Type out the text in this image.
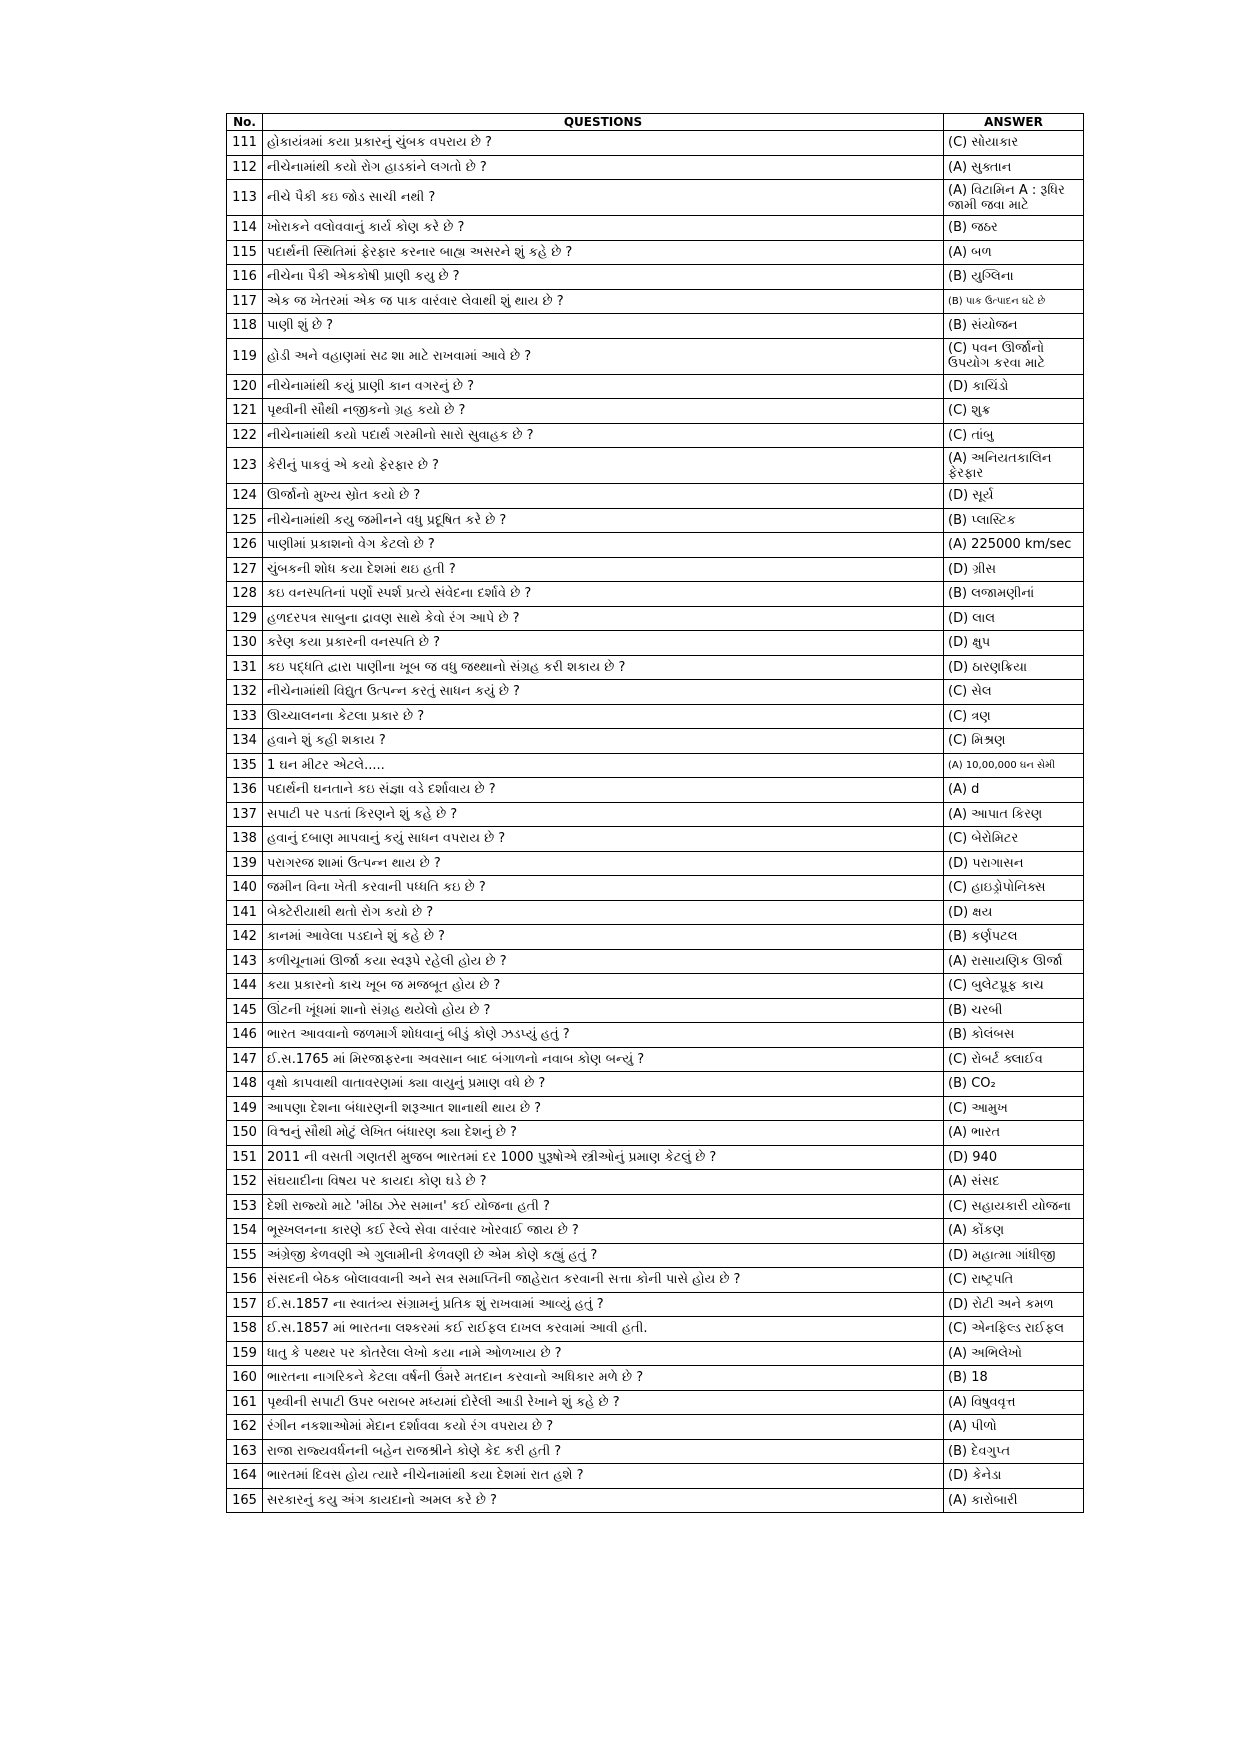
No.	QUESTIONS	ANSWER
111	હોકાયંત્રમાં કયા પ્રકારનું ચુંબક વપરાય છે ?	(C) સોયાકાર
112	નીચેનામાંથી કયો રોગ હાડકાંને લગતો છે ?	(A) સુક્તાન
113	નીચે પૈકી કઇ જોડ સાચી નથી ?	(A) વિટામિન A : રૂધિર જામી જવા માટે
114	ખોરાકને વલોવવાનું કાર્ય કોણ કરે છે ?	(B) જઠર
115	પદાર્થની સ્થિતિમાં ફેરફાર કરનાર બાહ્ય અસરને શું કહે છે ?	(A) બળ
116	નીચેના પૈકી એકકોષી પ્રાણી કયુ છે ?	(B) યુગ્લિના
117	એક જ ખેતરમાં એક જ પાક વારંવાર લેવાથી શું થાય છે ?	(B) પાક ઉત્પાદન ઘટે છે
118	પાણી શું છે ?	(B) સંયોજન
119	હોડી અને વહાણમાં સઢ શા માટે રાખવામાં આવે છે ?	(C) પવન ઊર્જાનો ઉપયોગ કરવા માટે
120	નીચેનામાંથી કયું પ્રાણી કાન વગરનું છે ?	(D) કાચિંડો
121	પૃથ્વીની સૌથી નજીકનો ગ્રહ કયો છે ?	(C) શુક્ર
122	નીચેનામાંથી કયો પદાર્થ ગરમીનો સારો સુવાહક છે ?	(C) તાંબુ
123	કેરીનું પાકવું એ કયો ફેરફાર છે ?	(A) અનિયતકાલિન ફેરફાર
124	ઊર્જાનો મુખ્ય સ્રોત કયો છે ?	(D) સૂર્ય
125	નીચેનામાંથી કયુ જમીનને વધુ પ્રદૂષિત કરે છે ?	(B) પ્લાસ્ટિક
126	પાણીમાં પ્રકાશનો વેગ કેટલો છે ?	(A) 225000 km/sec
127	ચુંબકની શોધ કયા દેશમાં થઇ હતી ?	(D) ગ્રીસ
128	કઇ વનસ્પતિનાં પર્ણો સ્પર્શ પ્રત્યે સંવેદના દર્શાવે છે ?	(B) લજામણીનાં
129	હળદરપત્ર સાબુના દ્રાવણ સાથે કેવો રંગ આપે છે ?	(D) લાલ
130	કરેણ કયા પ્રકારની વનસ્પતિ છે ?	(D) ક્ષુપ
131	કઇ પદ્ધતિ દ્વારા પાણીના ખૂબ જ વધુ જથ્થાનો સંગ્રહ કરી શકાય છે ?	(D) ઠારણક્રિયા
132	નીચેનામાંથી વિદ્યુત ઉત્પન્ન કરતું સાધન કયું છે ?	(C) સેલ
133	ઊચ્ચાલનના કેટલા પ્રકાર છે ?	(C) ત્રણ
134	હવાને શું કહી શકાય ?	(C) મિશ્રણ
135	1 ઘન મીટર એટલે.....	(A) 10,00,000 ઘન સેમી
136	પદાર્થની ઘનતાને કઇ સંજ્ઞા વડે દર્શાવાય છે ?	(A) d
137	સપાટી પર પડતાં કિરણને શું કહે છે ?	(A) આપાત કિરણ
138	હવાનું દબાણ માપવાનું કયું સાધન વપરાય છે ?	(C) બેરોમિટર
139	પરાગરજ શામાં ઉત્પન્ન થાય છે ?	(D) પરાગાસન
140	જમીન વિના ખેતી કરવાની પધ્ધતિ કઇ છે ?	(C) હાઇડ્રોપોનિક્સ
141	બેક્ટેરીયાથી થતો રોગ કયો છે ?	(D) ક્ષય
142	કાનમાં આવેલા પડદાને શું કહે છે ?	(B) કર્ણપટલ
143	કળીચૂનામાં ઊર્જા કયા સ્વરૂપે રહેલી હોય છે ?	(A) રાસાયણિક ઊર્જા
144	કયા પ્રકારનો કાચ ખૂબ જ મજબૂત હોય છે ?	(C) બુલેટપ્રૂફ કાચ
145	ઊંટની ખૂંધમાં શાનો સંગ્રહ થયેલો હોય છે ?	(B) ચરબી
146	ભારત આવવાનો જળમાર્ગ શોધવાનું બીડું કોણે ઝડપ્યું હતું ?	(B) કોલંબસ
147	ઈ.સ.1765 માં મિરજાફરના અવસાન બાદ બંગાળનો નવાબ કોણ બન્યું ?	(C) રોબર્ટ ક્લાઈવ
148	વૃક્ષો કાપવાથી વાતાવરણમાં ક્યા વાયુનું પ્રમાણ વધે છે ?	(B) CO₂
149	આપણા દેશના બંધારણની શરૂઆત શાનાથી થાય છે ?	(C) આમુખ
150	વિશ્વનું સૌથી મોટું લેખિત બંધારણ ક્યા દેશનું છે ?	(A) ભારત
151	2011 ની વસતી ગણતરી મુજબ ભારતમાં દર 1000 પુરૂષોએ સ્ત્રીઓનું પ્રમાણ કેટલું છે ?	(D) 940
152	સંઘયાદીના વિષય પર કાયદા કોણ ઘડે છે ?	(A) સંસદ
153	દેશી રાજ્યો માટે 'મીઠા ઝેર સમાન' કઈ યોજના હતી ?	(C) સહાયકારી યોજના
154	ભૂસ્ખલનના કારણે કઈ રેલ્વે સેવા વારંવાર ખોરવાઈ જાય છે ?	(A) કોંકણ
155	અંગ્રેજી કેળવણી એ ગુલામીની કેળવણી છે એમ કોણે કહ્યું હતું ?	(D) મહાત્મા ગાંધીજી
156	સંસદની બેઠક બોલાવવાની અને સત્ર સમાપ્તિની જાહેરાત કરવાની સત્તા કોની પાસે હોય છે ?	(C) રાષ્ટ્રપતિ
157	ઈ.સ.1857 ના સ્વાતંત્ર્ય સંગ્રામનું પ્રતિક શું રાખવામાં આવ્યું હતું ?	(D) રોટી અને કમળ
158	ઈ.સ.1857 માં ભારતના લશ્કરમાં કઈ રાઈફલ દાખલ કરવામાં આવી હતી.	(C) એનફિલ્ડ રાઈફલ
159	ધાતુ કે પથ્થર પર કોતરેલા લેખો કયા નામે ઓળખાય છે ?	(A) અભિલેખો
160	ભારતના નાગરિકને કેટલા વર્ષની ઉંમરે મતદાન કરવાનો અધિકાર મળે છે ?	(B) 18
161	પૃથ્વીની સપાટી ઉપર બરાબર મધ્યમાં દોરેલી આડી રેખાને શું કહે છે ?	(A) વિષુવવૃત્ત
162	રંગીન નકશાઓમાં મેદાન દર્શાવવા કયો રંગ વપરાય છે ?	(A) પીળો
163	રાજા રાજ્યવર્ધનની બહેન રાજશ્રીને કોણે કેદ કરી હતી ?	(B) દેવગુપ્ત
164	ભારતમાં દિવસ હોય ત્યારે નીચેનામાંથી કયા દેશમાં રાત હશે ?	(D) કેનેડા
165	સરકારનું કયુ અંગ કાયદાનો અમલ કરે છે ?	(A) કારોબારી
